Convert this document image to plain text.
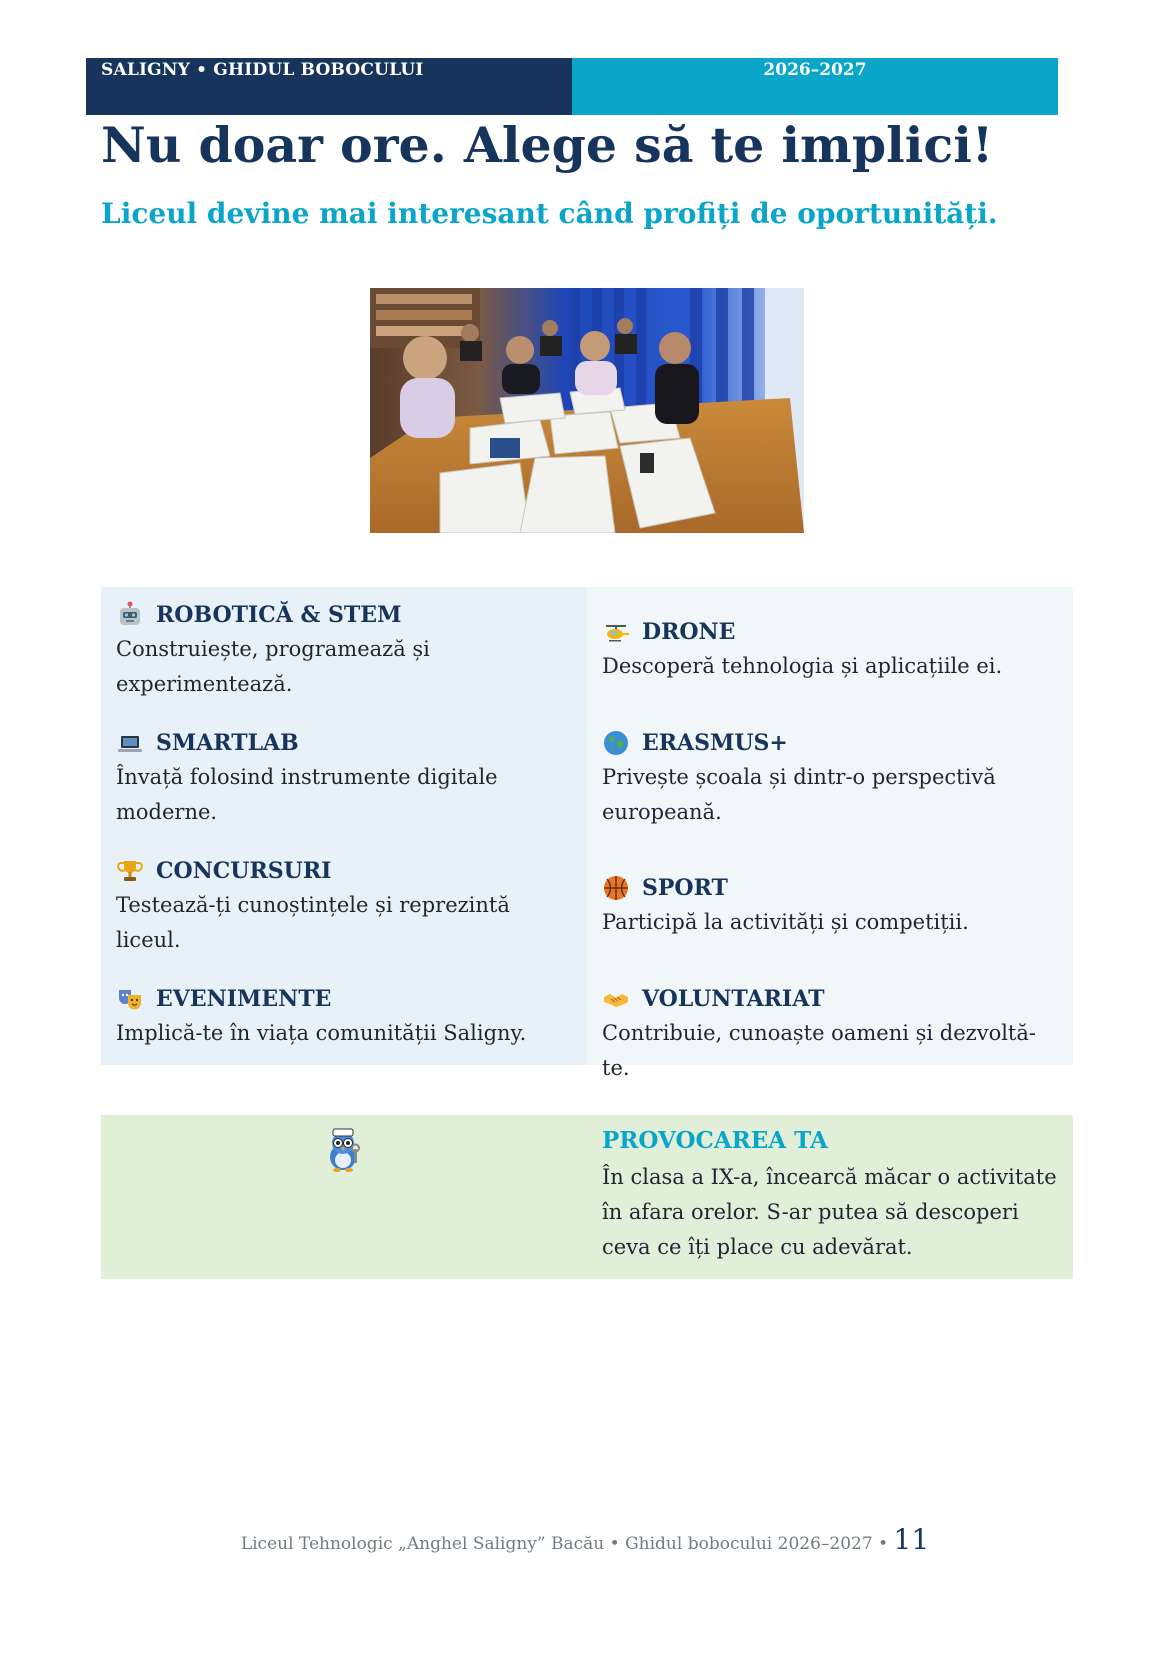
SALIGNY • GHIDUL BOBOCULUI	2026–2027
Nu doar ore. Alege să te implici!
Liceul devine mai interesant când profiți de oportunități.
ROBOTICĂ & STEM
Construiește, programează și experimentează.
SMARTLAB
Învață folosind instrumente digitale moderne.
CONCURSURI
Testează-ți cunoștințele și reprezintă liceul.
EVENIMENTE
Implică-te în viața comunității Saligny.
DRONE
Descoperă tehnologia și aplicațiile ei.
ERASMUS+
Privește școala și dintr-o perspectivă europeană.
SPORT
Participă la activități și competiții.
VOLUNTARIAT
Contribuie, cunoaște oameni și dezvoltă-te.
PROVOCAREA TA
În clasa a IX-a, încearcă măcar o activitate în afara orelor. S-ar putea să descoperi ceva ce îți place cu adevărat.
Liceul Tehnologic „Anghel Saligny” Bacău • Ghidul bobocului 2026–2027 • 11
